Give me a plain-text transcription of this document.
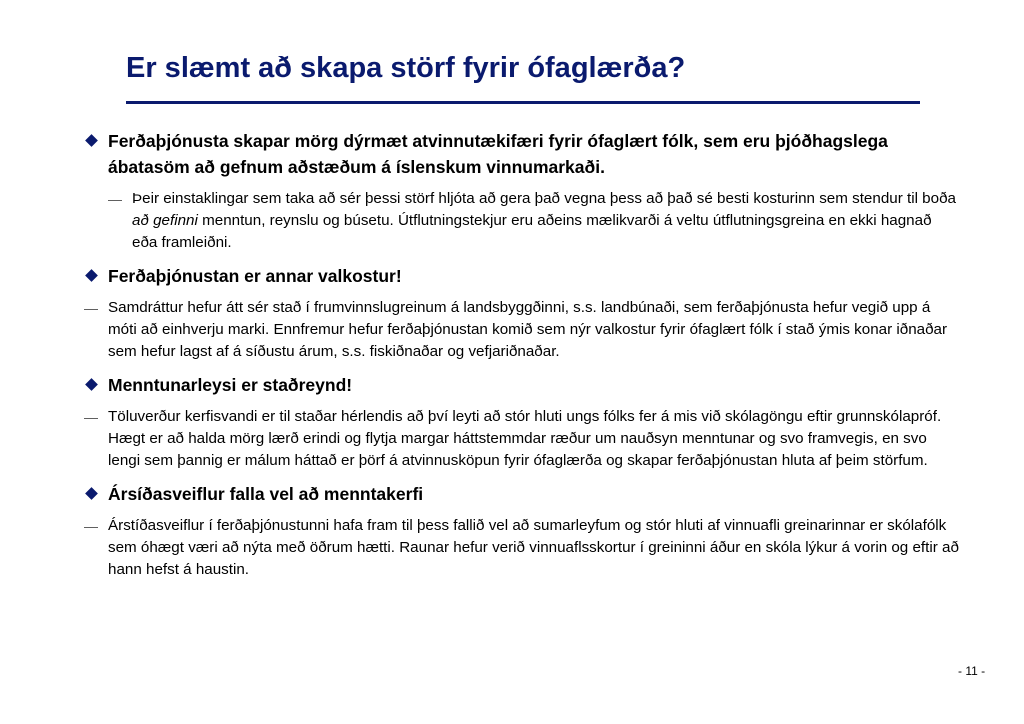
Er slæmt að skapa störf fyrir ófaglærða?
Ferðaþjónusta skapar mörg dýrmæt atvinnutækifæri fyrir ófaglært fólk, sem eru þjóðhagslega ábatasöm að gefnum aðstæðum á íslenskum vinnumarkaði.
— Þeir einstaklingar sem taka að sér þessi störf hljóta að gera það vegna þess að það sé besti kosturinn sem stendur til boða að gefinni menntun, reynslu og búsetu. Útflutningstekjur eru aðeins mælikvarði á veltu útflutningsgreina en ekki hagnað eða framleiðni.
Ferðaþjónustan er annar valkostur!
— Samdráttur hefur átt sér stað í frumvinnslugreinum á landsbyggðinni, s.s. landbúnaði, sem ferðaþjónusta hefur vegið upp á móti að einhverju marki. Ennfremur hefur ferðaþjónustan komið sem nýr valkostur fyrir ófaglært fólk í stað ýmis konar iðnaðar sem hefur lagst af á síðustu árum, s.s. fiskiðnaðar og vefjariðnaðar.
Menntunarleysi er staðreynd!
— Töluverður kerfisvandi er til staðar hérlendis að því leyti að stór hluti ungs fólks fer á mis við skólagöngu eftir grunnskólapróf. Hægt er að halda mörg lærð erindi og flytja margar háttstemmdar ræður um nauðsyn menntunar og svo framvegis, en svo lengi sem þannig er málum háttað er þörf á atvinnusköpun fyrir ófaglærða og skapar ferðaþjónustan hluta af þeim störfum.
Ársíðasveiflur falla vel að menntakerfi
— Árstíðasveiflur í ferðaþjónustunni hafa fram til þess fallið vel að sumarleyfum og stór hluti af vinnuafli greinarinnar er skólafólk sem óhægt væri að nýta með öðrum hætti. Raunar hefur verið vinnuaflsskortur í greininni áður en skóla lýkur á vorin og eftir að hann hefst á haustin.
- 11 -
